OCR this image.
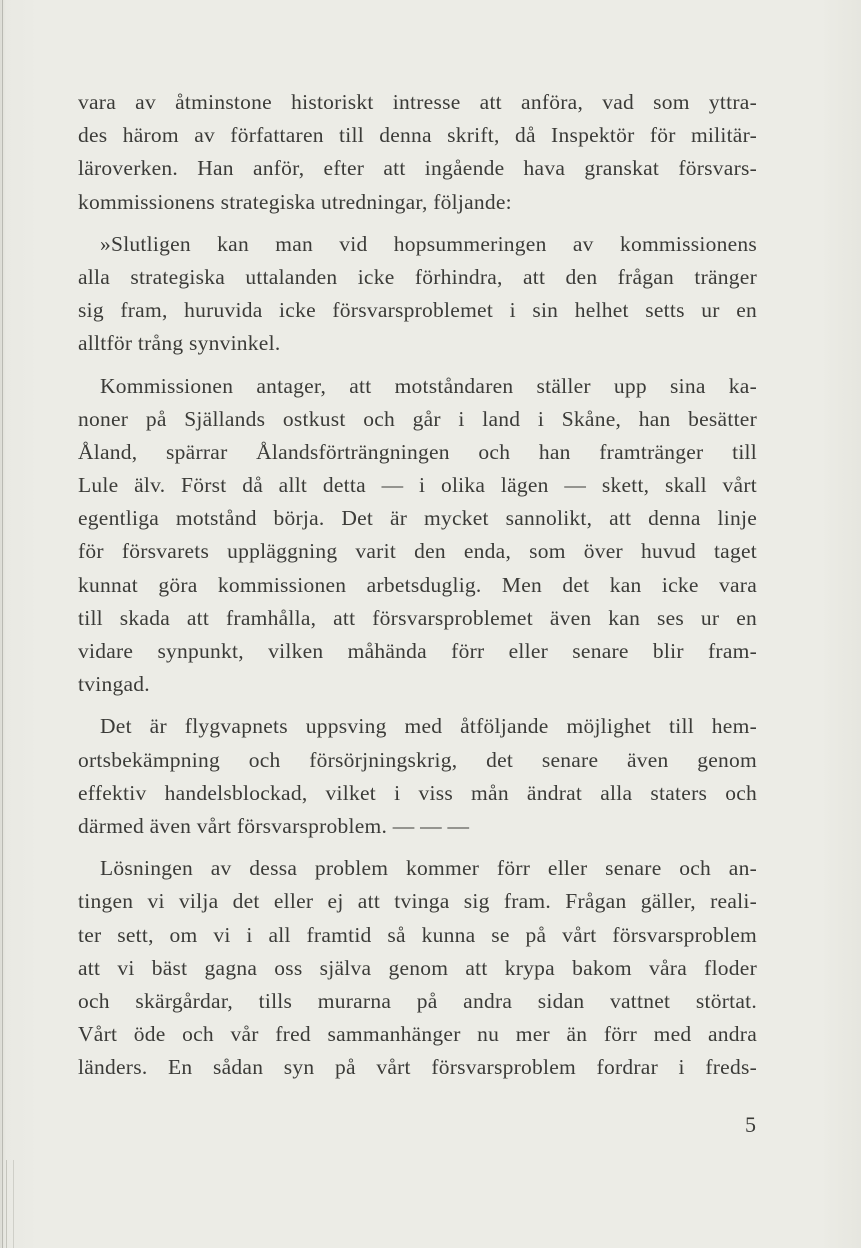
vara av åtminstone historiskt intresse att anföra, vad som yttra-
des härom av författaren till denna skrift, då Inspektör för militär-
läroverken. Han anför, efter att ingående hava granskat försvars-
kommissionens strategiska utredningar, följande:
»Slutligen kan man vid hopsummeringen av kommissionens
alla strategiska uttalanden icke förhindra, att den frågan tränger
sig fram, huruvida icke försvarsproblemet i sin helhet setts ur en
alltför trång synvinkel.
Kommissionen antager, att motståndaren ställer upp sina ka-
noner på Själlands ostkust och går i land i Skåne, han besätter
Åland, spärrar Ålandsförträngningen och han framtränger till
Lule älv. Först då allt detta — i olika lägen — skett, skall vårt
egentliga motstånd börja. Det är mycket sannolikt, att denna linje
för försvarets uppläggning varit den enda, som över huvud taget
kunnat göra kommissionen arbetsduglig. Men det kan icke vara
till skada att framhålla, att försvarsproblemet även kan ses ur en
vidare synpunkt, vilken måhända förr eller senare blir fram-
tvingad.
Det är flygvapnets uppsving med åtföljande möjlighet till hem-
ortsbekämpning och försörjningskrig, det senare även genom
effektiv handelsblockad, vilket i viss mån ändrat alla staters och
därmed även vårt försvarsproblem. — — —
Lösningen av dessa problem kommer förr eller senare och an-
tingen vi vilja det eller ej att tvinga sig fram. Frågan gäller, reali-
ter sett, om vi i all framtid så kunna se på vårt försvarsproblem
att vi bäst gagna oss själva genom att krypa bakom våra floder
och skärgårdar, tills murarna på andra sidan vattnet störtat.
Vårt öde och vår fred sammanhänger nu mer än förr med andra
länders. En sådan syn på vårt försvarsproblem fordrar i freds-
5
